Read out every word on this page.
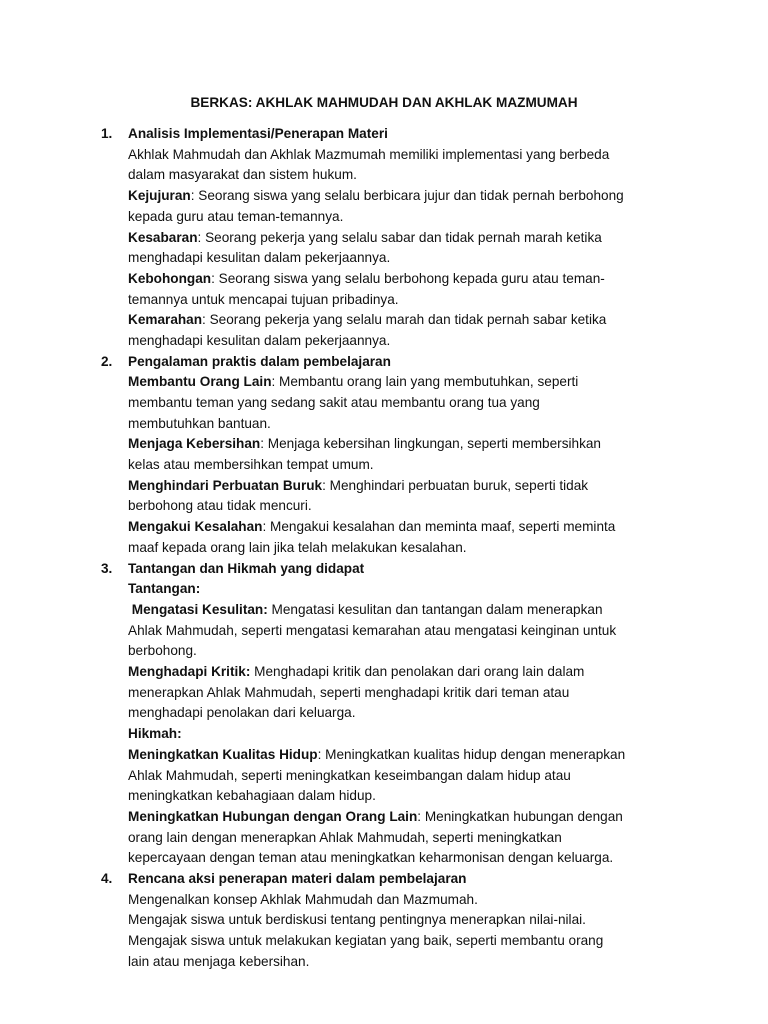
BERKAS: AKHLAK MAHMUDAH DAN AKHLAK MAZMUMAH
1.	Analisis Implementasi/Penerapan Materi
Akhlak Mahmudah dan Akhlak Mazmumah memiliki implementasi yang berbeda
dalam masyarakat dan sistem hukum.
Kejujuran: Seorang siswa yang selalu berbicara jujur dan tidak pernah berbohong
kepada guru atau teman-temannya.
Kesabaran: Seorang pekerja yang selalu sabar dan tidak pernah marah ketika
menghadapi kesulitan dalam pekerjaannya.
Kebohongan: Seorang siswa yang selalu berbohong kepada guru atau teman-
temannya untuk mencapai tujuan pribadinya.
Kemarahan: Seorang pekerja yang selalu marah dan tidak pernah sabar ketika
menghadapi kesulitan dalam pekerjaannya.
2.	Pengalaman praktis dalam pembelajaran
Membantu Orang Lain: Membantu orang lain yang membutuhkan, seperti
membantu teman yang sedang sakit atau membantu orang tua yang
membutuhkan bantuan.
Menjaga Kebersihan: Menjaga kebersihan lingkungan, seperti membersihkan
kelas atau membersihkan tempat umum.
Menghindari Perbuatan Buruk: Menghindari perbuatan buruk, seperti tidak
berbohong atau tidak mencuri.
Mengakui Kesalahan: Mengakui kesalahan dan meminta maaf, seperti meminta
maaf kepada orang lain jika telah melakukan kesalahan.
3.	Tantangan dan Hikmah yang didapat
Tantangan:
Mengatasi Kesulitan: Mengatasi kesulitan dan tantangan dalam menerapkan
Ahlak Mahmudah, seperti mengatasi kemarahan atau mengatasi keinginan untuk
berbohong.
Menghadapi Kritik: Menghadapi kritik dan penolakan dari orang lain dalam
menerapkan Ahlak Mahmudah, seperti menghadapi kritik dari teman atau
menghadapi penolakan dari keluarga.
Hikmah:
Meningkatkan Kualitas Hidup: Meningkatkan kualitas hidup dengan menerapkan
Ahlak Mahmudah, seperti meningkatkan keseimbangan dalam hidup atau
meningkatkan kebahagiaan dalam hidup.
Meningkatkan Hubungan dengan Orang Lain: Meningkatkan hubungan dengan
orang lain dengan menerapkan Ahlak Mahmudah, seperti meningkatkan
kepercayaan dengan teman atau meningkatkan keharmonisan dengan keluarga.
4.	Rencana aksi penerapan materi dalam pembelajaran
Mengenalkan konsep Akhlak Mahmudah dan Mazmumah.
Mengajak siswa untuk berdiskusi tentang pentingnya menerapkan nilai-nilai.
Mengajak siswa untuk melakukan kegiatan yang baik, seperti membantu orang
lain atau menjaga kebersihan.
